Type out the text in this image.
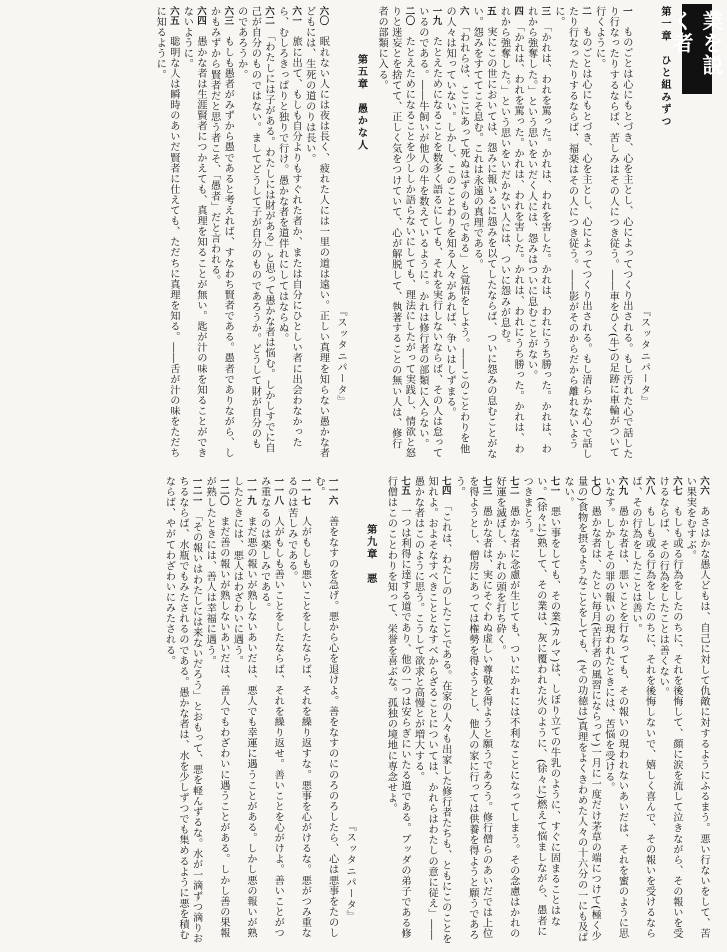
業を説く者
第一章　ひと組みずつ
『スッタニパータ』
一　ものごとは心にもとづき、心を主とし、心によってつくり出される。もし汚れた心で話したり行なったりするならば、苦しみはその人につき従う。――車をひく(牛)の足跡に車輪がついて行くように。
二　ものごとは心にもとづき、心を主とし、心によってつくり出される。もし清らかな心で話したり行なったりするならば、福楽はその人につき従う。――影がそのからだから離れないように。
三　「かれは、われを罵った。かれは、われを害した。かれは、われにうち勝った。かれは、われから強奪した。」という思いをいだく人には、怨みはついに息むことがない。
四　「かれは、われを罵った。かれは、われを害した。かれは、われにうち勝った。かれは、われから強奪した。」という思いをいだかない人には、ついに怨みが息む。
五　実にこの世においては、怨みに報いるに怨みを以てしたならば、ついに怨みの息むことがない。怨みをすててこそ息む。これは永遠の真理である。
六　「われらは、ここにあって死ぬはずのものである」と覚悟をしよう。――このことわりを他の人々は知っていない。しかし、このことわりを知る人々があれば、争いはしずまる。
一九　たとえためになることを数多く語るにしても、それを実行しないならば、その人は怠っているのである。――牛飼いが他人の牛を数えているように。かれは修行者の部類に入らない。
二〇　たとえためになることを少ししか語らないにしても、理法にしたがって実践し、情欲と怒りと迷妄とを捨てて、正しく気をつけていて、心が解脱して、執著することの無い人は、修行者の部類に入る。
第五章　愚かな人
『スッタニパータ』
六〇　眠れない人には夜は長く、疲れた人には一里の道は遠い。正しい真理を知らない愚かな者どもには、生死の道のりは長い。
六一　旅に出て、もしも自分よりもすぐれた者か、または自分にひとしい者に出会わなかったら、むしろきっぱりと独りで行け。愚かな者を道伴れにしてはならぬ。
六二　「わたしには子がある。わたしには財がある」と思って愚かな者は悩む。しかしすでに自己が自分のものではない。ましてどうして子が自分のものであろうか。どうして財が自分のものであろうか。
六三　もしも愚者がみずから愚であると考えれば、すなわち賢者である。愚者でありながら、しかもみずから賢者だと思う者こそ、「愚者」だと言われる。
六四　愚かな者は生涯賢者につかえても、真理を知ることが無い。匙が汁の味を知ることができないように。
六五　聡明な人は瞬時のあいだ賢者に仕えても、ただちに真理を知る。――舌が汁の味をただちに知るように。
六六　あさはかな愚人どもは、自己に対して仇敵に対するようにふるまう。悪い行ないをして、苦い果実をむすぶ。
六七　もしも或る行為をしたのちに、それを後悔して、顔に涙を流して泣きながら、その報いを受けるならば、その行為をしたことは善くない。
六八　もしも或る行為をしたのちに、それを後悔しないで、嬉しく喜んで、その報いを受けるならば、その行為をしたことは善い。
六九　愚かな者は、悪いことを行なっても、その報いの現われないあいだは、それを蜜のように思いなす。しかしその罪の報いの現われたときには、苦悩を受ける。
七〇　愚かな者は、たとい毎月(苦行者の風習にならって)一月に一度だけ茅草の端につけて(極く少量の)食物を摂るようなことをしても、(その功徳は)真理をよくきわめた人々の十六分の一にも及ばない。
七一　悪い事をしても、その業(カルマ)は、しぼり立ての牛乳のように、すぐに固まることはない。(徐々に)熟して、その業は、灰に覆われた火のように、(徐々に)燃えて悩ましながら、愚者につきまとう。
七二　愚かな者に念慮が生じても、ついにかれには不利なことになってしまう。その念慮はかれの好運を滅ぼし、かれの頭を打ち砕く。
七三　愚かな者は、実にそぐわぬ虚しい尊敬を得ようと願うであろう。修行僧らのあいだでは上位を得ようとし、僧房にあっては権勢を得ようとし、他人の家に行っては供養を得ようと願うであろう。
七四　「これは、わたしのしたことである。在家の人々も出家した修行者たちも、ともにこのことを知れよ。およそなすべきこととなすべからざることについては、かれらはわたしの意に従え」――愚かな者はこのように思う。こうして欲求と高慢とが増大する。
七五　一つは利得に達する道であり、他の一つは安らぎにいたる道である。ブッダの弟子である修行僧はこのことわりを知って、栄誉を喜ぶな。孤独の境地に専念せよ。
第九章　悪
『スッタニパータ』
一一六　善をなすのを急げ。悪から心を退けよ。善をなすのにのろのろしたら、心は悪事をたのしむ。
一一七　人がもしも悪いことをしたならば、それを繰り返すな。悪事を心がけるな。悪がつみ重なるのは苦しみである。
一一八　人がもしも善いことをしたならば、それを繰り返せ。善いことを心がけよ。善いことがつみ重なるのは楽しみである。
一一九　まだ悪の報いが熟しないあいだは、悪人でも幸運に遇うことがある。しかし悪の報いが熟したときには、悪人はわざわいに遇う。
一二〇　まだ善の報いが熟しないあいだは、善人でもわざわいに遇うことがある。しかし善の果報が熟したときには、善人は幸福に遇う。
一二一　「その報いはわたしには来ないだろう」とおもって、悪を軽んずるな。水が一滴ずつ滴りおちるならば、水瓶でもみたされるのである。愚かな者は、水を少しずつでも集めるように悪を積むならば、やがてわざわいにみたされる。
